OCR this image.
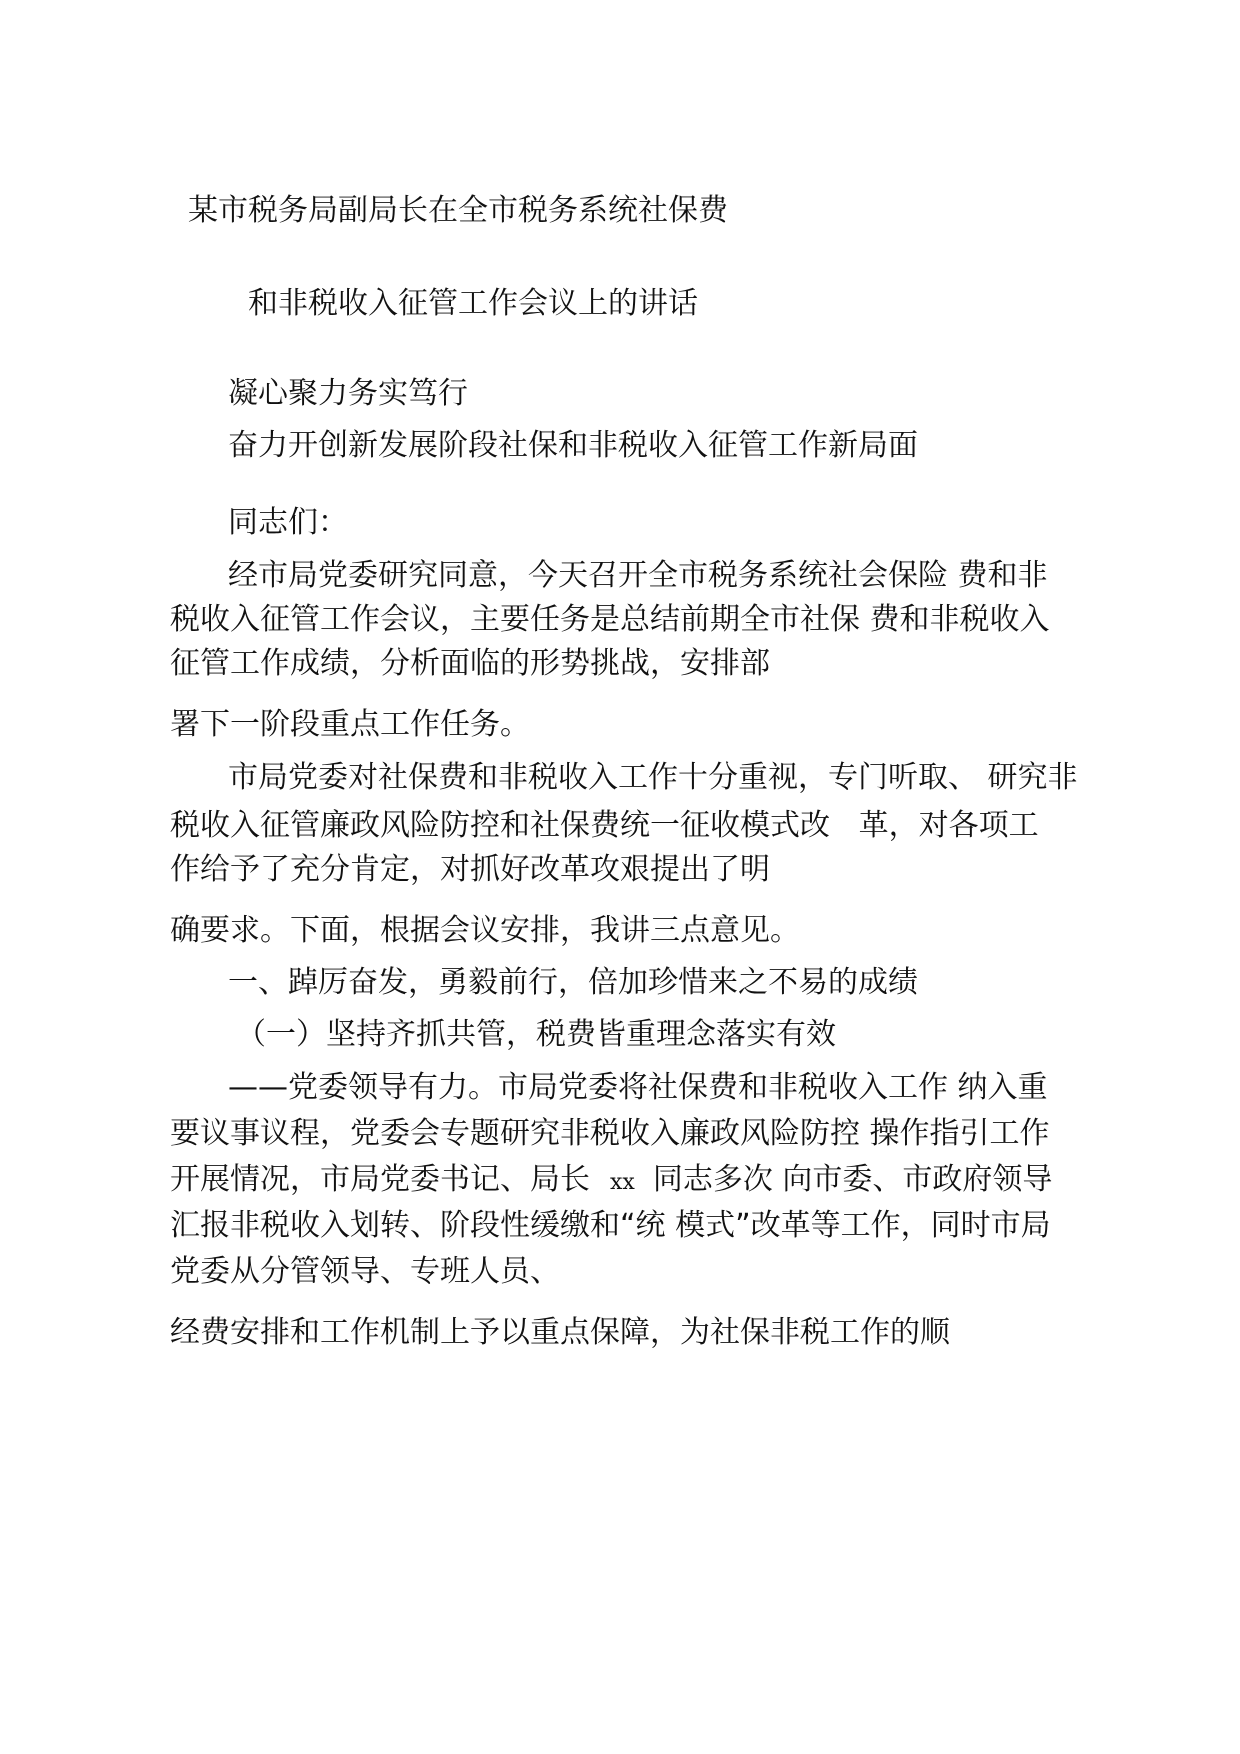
某市税务局副局长在全市税务系统社保费
和非税收入征管工作会议上的讲话
凝心聚力务实笃行
奋力开创新发展阶段社保和非税收入征管工作新局面
同志们：
经市局党委研究同意，今天召开全市税务系统社会保险 费和非
税收入征管工作会议，主要任务是总结前期全市社保 费和非税收入
征管工作成绩，分析面临的形势挑战，安排部
署下一阶段重点工作任务。
市局党委对社保费和非税收入工作十分重视，专门听取、 研究非
税收入征管廉政风险防控和社保费统一征收模式改   革，对各项工
作给予了充分肯定，对抓好改革攻艰提出了明
确要求。下面，根据会议安排，我讲三点意见。
一、踔厉奋发，勇毅前行，倍加珍惜来之不易的成绩
（一）坚持齐抓共管，税费皆重理念落实有效
——党委领导有力。市局党委将社保费和非税收入工作 纳入重
要议事议程，党委会专题研究非税收入廉政风险防控 操作指引工作
开展情况，市局党委书记、局长 xx 同志多次 向市委、市政府领导
汇报非税收入划转、阶段性缓缴和“统 模式”改革等工作，同时市局
党委从分管领导、专班人员、
经费安排和工作机制上予以重点保障，为社保非税工作的顺
